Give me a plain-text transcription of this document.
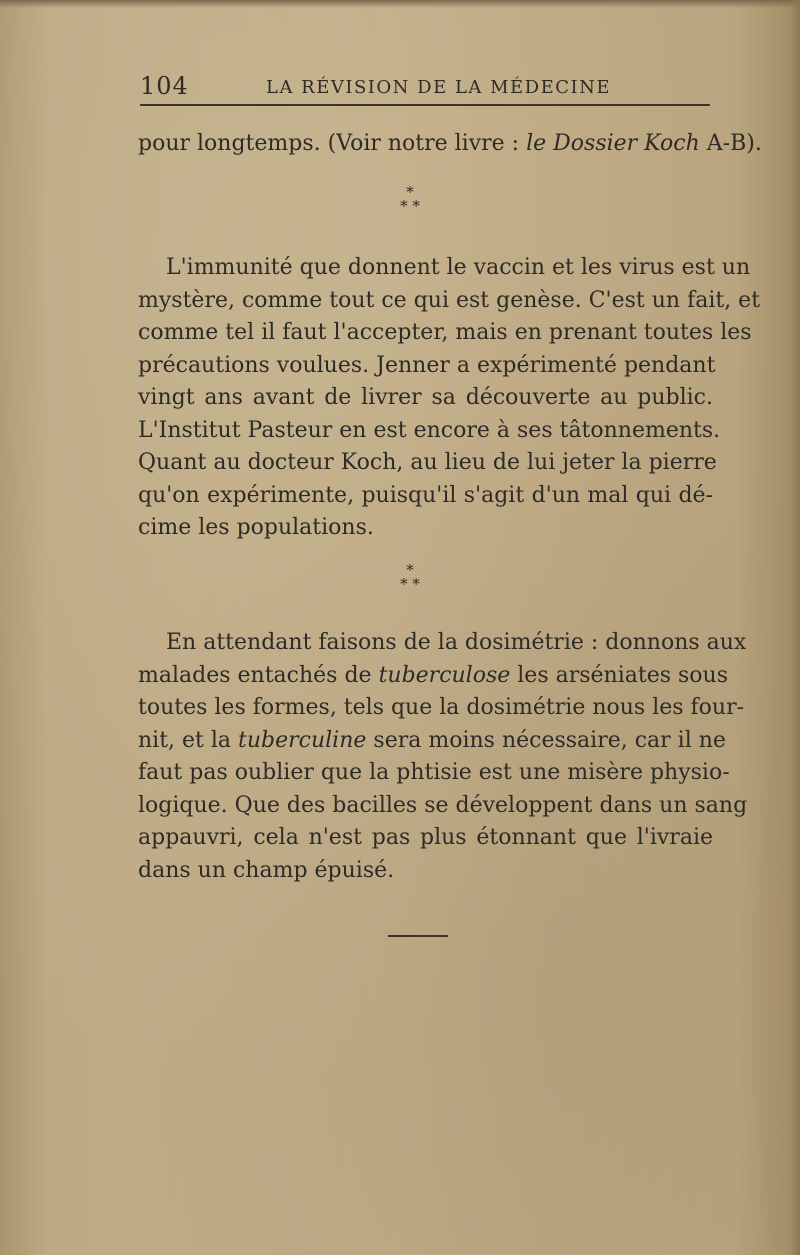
104	LA RÉVISION DE LA MÉDECINE
pour longtemps. (Voir notre livre : le Dossier Koch A-B).
*
* *
L'immunité que donnent le vaccin et les virus est un
mystère, comme tout ce qui est genèse. C'est un fait, et
comme tel il faut l'accepter, mais en prenant toutes les
précautions voulues. Jenner a expérimenté pendant
vingt ans avant de livrer sa découverte au public.
L'Institut Pasteur en est encore à ses tâtonnements.
Quant au docteur Koch, au lieu de lui jeter la pierre
qu'on expérimente, puisqu'il s'agit d'un mal qui dé-
cime les populations.
*
* *
En attendant faisons de la dosimétrie : donnons aux
malades entachés de tuberculose les arséniates sous
toutes les formes, tels que la dosimétrie nous les four-
nit, et la tuberculine sera moins nécessaire, car il ne
faut pas oublier que la phtisie est une misère physio-
logique. Que des bacilles se développent dans un sang
appauvri, cela n'est pas plus étonnant que l'ivraie
dans un champ épuisé.
